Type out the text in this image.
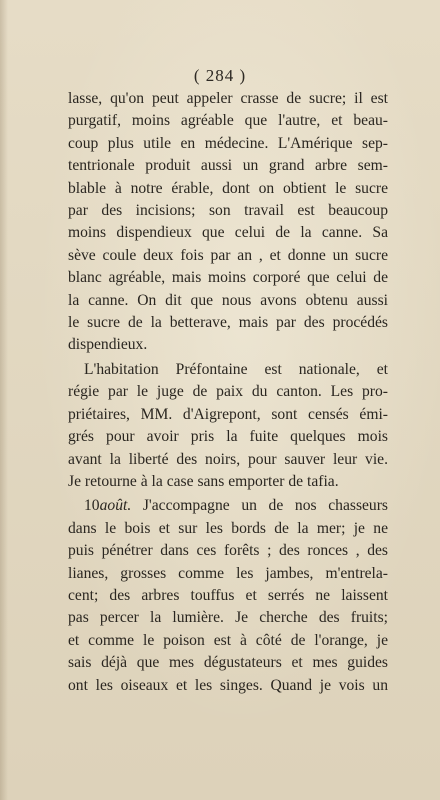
( 284 )

lasse, qu'on peut appeler crasse de sucre; il est
purgatif, moins agréable que l'autre, et beau-
coup plus utile en médecine. L'Amérique sep-
tentrionale produit aussi un grand arbre sem-
blable à notre érable, dont on obtient le sucre
par des incisions; son travail est beaucoup
moins dispendieux que celui de la canne. Sa
sève coule deux fois par an , et donne un sucre
blanc agréable, mais moins corporé que celui de
la canne. On dit que nous avons obtenu aussi
le sucre de la betterave, mais par des procédés
dispendieux.

L'habitation Préfontaine est nationale, et
régie par le juge de paix du canton. Les pro-
priétaires, MM. d'Aigrepont, sont censés émi-
grés pour avoir pris la fuite quelques mois
avant la liberté des noirs, pour sauver leur vie.
Je retourne à la case sans emporter de tafia.

10août. J'accompagne un de nos chasseurs
dans le bois et sur les bords de la mer; je ne
puis pénétrer dans ces forêts ; des ronces , des
lianes, grosses comme les jambes, m'entrela-
cent; des arbres touffus et serrés ne laissent
pas percer la lumière. Je cherche des fruits;
et comme le poison est à côté de l'orange, je
sais déjà que mes dégustateurs et mes guides
ont les oiseaux et les singes. Quand je vois un
